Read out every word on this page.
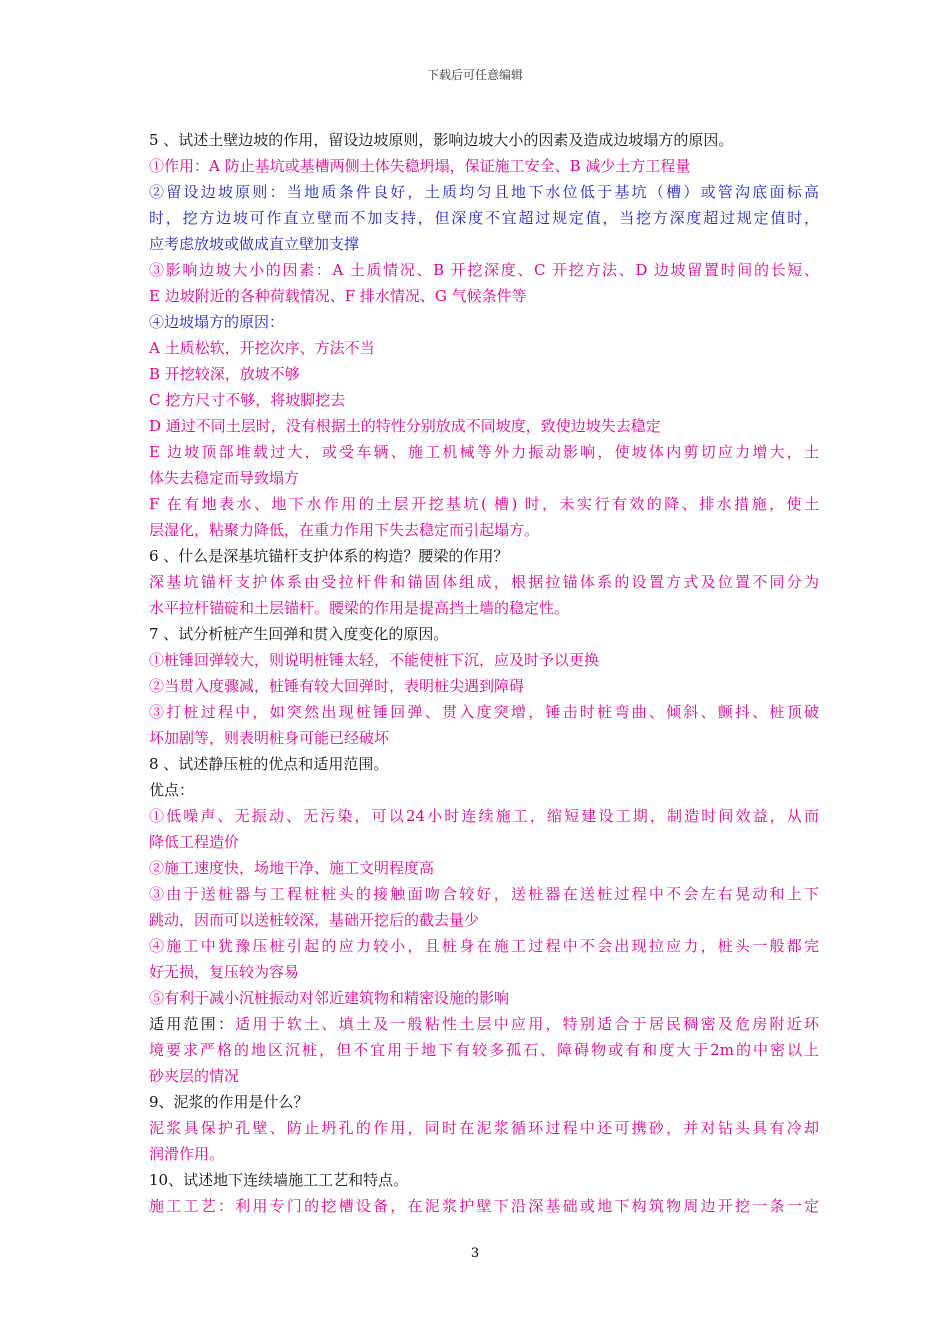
下载后可任意编辑
5 、试述土壁边坡的作用，留设边坡原则，影响边坡大小的因素及造成边坡塌方的原因。
①作用：A 防止基坑或基槽两侧土体失稳坍塌，保证施工安全、B 减少土方工程量
②留设边坡原则：当地质条件良好，土质均匀且地下水位低于基坑（槽）或管沟底面标高
时，挖方边坡可作直立壁而不加支持，但深度不宜超过规定值，当挖方深度超过规定值时，
应考虑放坡或做成直立壁加支撑
③影响边坡大小的因素：A 土质情况、B 开挖深度、C 开挖方法、D 边坡留置时间的长短、
E 边坡附近的各种荷载情况、F 排水情况、G 气候条件等
④边坡塌方的原因：
A 土质松软，开挖次序、方法不当
B 开挖较深，放坡不够
C 挖方尺寸不够，将坡脚挖去
D 通过不同土层时，没有根据土的特性分别放成不同坡度，致使边坡失去稳定
E 边坡顶部堆载过大，或受车辆、施工机械等外力振动影响，使坡体内剪切应力增大，土
体失去稳定而导致塌方
F 在有地表水、地下水作用的土层开挖基坑( 槽) 时，未实行有效的降、排水措施，使土
层湿化，粘聚力降低，在重力作用下失去稳定而引起塌方。
6 、什么是深基坑锚杆支护体系的构造？腰梁的作用？
深基坑锚杆支护体系由受拉杆件和锚固体组成，根据拉锚体系的设置方式及位置不同分为
水平拉杆锚碇和土层锚杆。腰梁的作用是提高挡土墙的稳定性。
7 、试分析桩产生回弹和贯入度变化的原因。
①桩锤回弹较大，则说明桩锤太轻，不能使桩下沉，应及时予以更换
②当贯入度骤减，桩锤有较大回弹时，表明桩尖遇到障碍
③打桩过程中，如突然出现桩锤回弹、贯入度突增，锤击时桩弯曲、倾斜、颤抖、桩顶破
坏加剧等，则表明桩身可能已经破坏
8 、试述静压桩的优点和适用范围。
优点：
①低噪声、无振动、无污染，可以24小时连续施工，缩短建设工期，制造时间效益，从而
降低工程造价
②施工速度快，场地干净、施工文明程度高
③由于送桩器与工程桩桩头的接触面吻合较好，送桩器在送桩过程中不会左右晃动和上下
跳动，因而可以送桩较深，基础开挖后的截去量少
④施工中犹豫压桩引起的应力较小，且桩身在施工过程中不会出现拉应力，桩头一般都完
好无损，复压较为容易
⑤有利于减小沉桩振动对邻近建筑物和精密设施的影响
适用范围：适用于软土、填土及一般粘性土层中应用，特别适合于居民稠密及危房附近环
境要求严格的地区沉桩，但不宜用于地下有较多孤石、障碍物或有和度大于2m的中密以上
砂夹层的情况
9、泥浆的作用是什么？
泥浆具保护孔壁、防止坍孔的作用，同时在泥浆循环过程中还可携砂，并对钻头具有冷却
润滑作用。
10、试述地下连续墙施工工艺和特点。
施工工艺：利用专门的挖槽设备，在泥浆护壁下沿深基础或地下构筑物周边开挖一条一定
3
